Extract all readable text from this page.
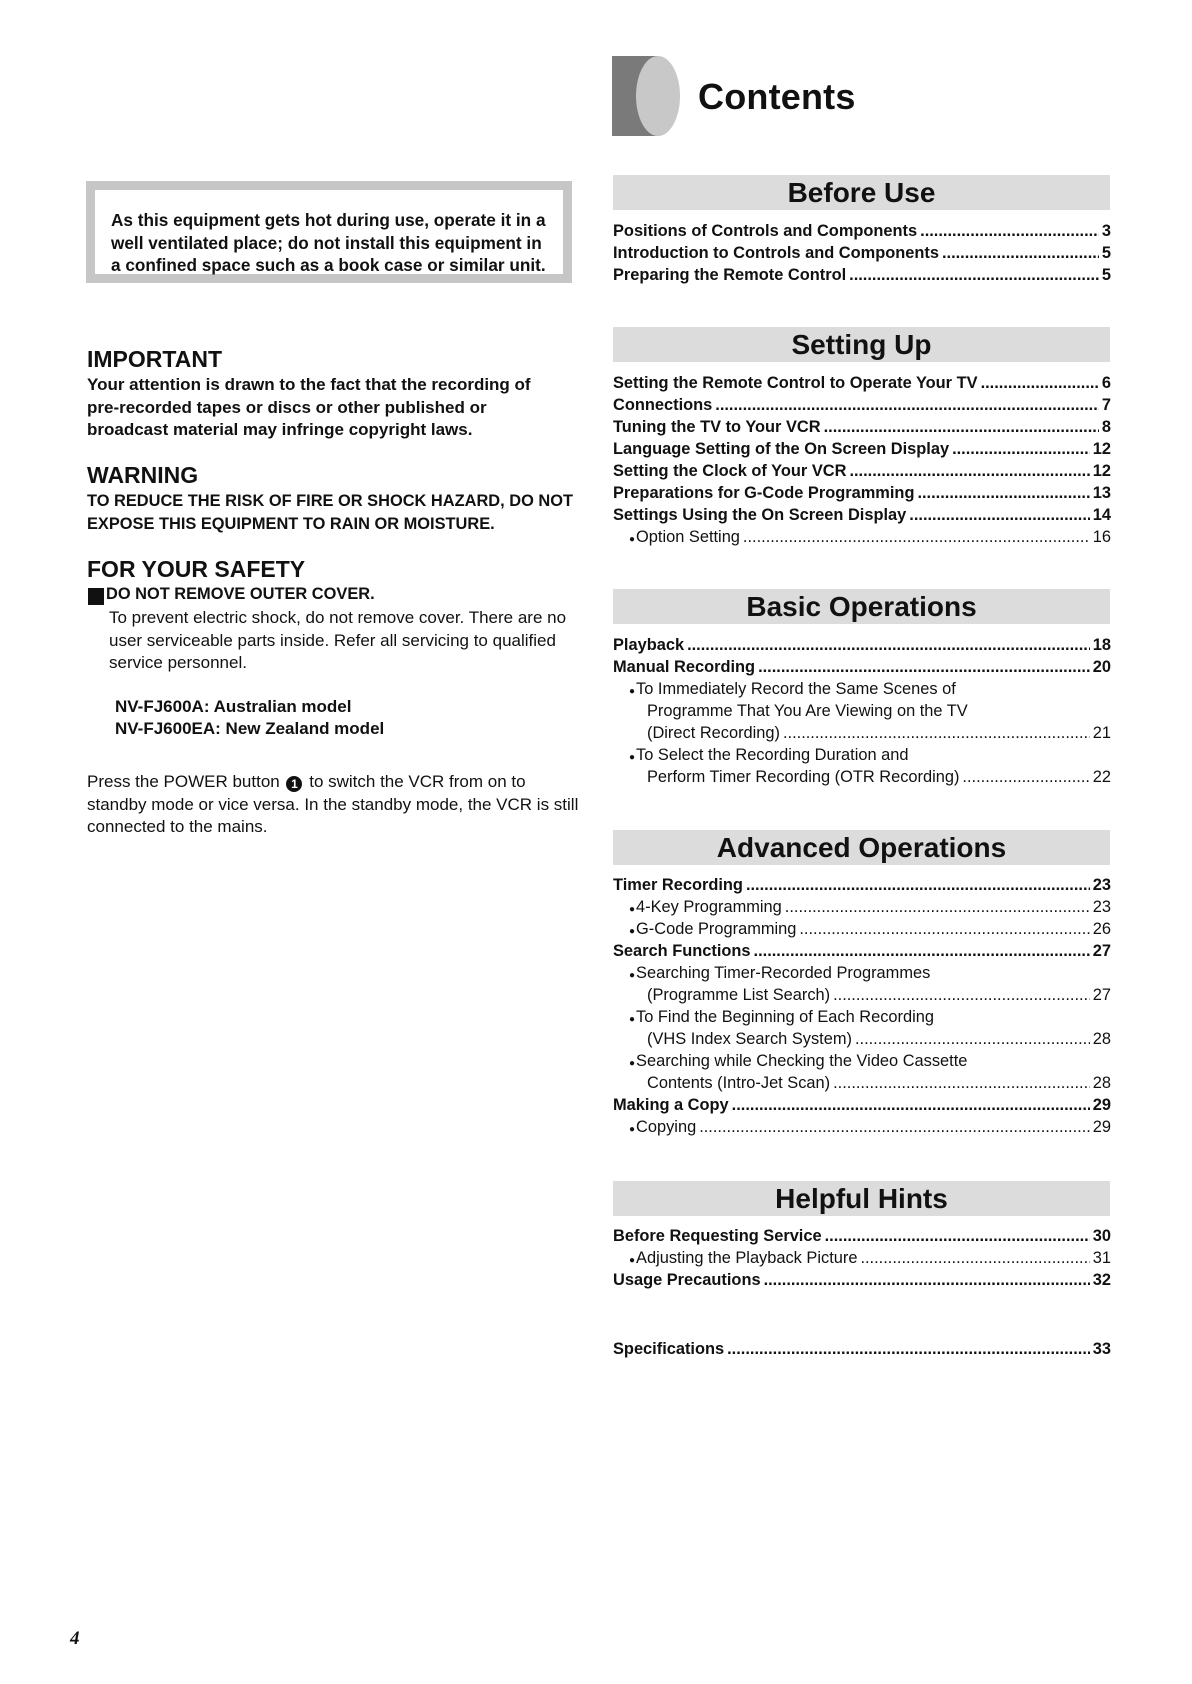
Contents
As this equipment gets hot during use, operate it in a well ventilated place; do not install this equipment in a confined space such as a book case or similar unit.
IMPORTANT
Your attention is drawn to the fact that the recording of pre-recorded tapes or discs or other published or broadcast material may infringe copyright laws.
WARNING
TO REDUCE THE RISK OF FIRE OR SHOCK HAZARD, DO NOT EXPOSE THIS EQUIPMENT TO RAIN OR MOISTURE.
FOR YOUR SAFETY
DO NOT REMOVE OUTER COVER.
To prevent electric shock, do not remove cover. There are no user serviceable parts inside. Refer all servicing to qualified service personnel.
NV-FJ600A: Australian model
NV-FJ600EA: New Zealand model
Press the POWER button 1 to switch the VCR from on to standby mode or vice versa. In the standby mode, the VCR is still connected to the mains.
Before Use
Positions of Controls and Components .....	3
Introduction to Controls and Components .....	5
Preparing the Remote Control .....	5
Setting Up
Setting the Remote Control to Operate Your TV .....	6
Connections .....	7
Tuning the TV to Your VCR .....	8
Language Setting of the On Screen Display .....	12
Setting the Clock of Your VCR .....	12
Preparations for G-Code Programming .....	13
Settings Using the On Screen Display .....	14
● Option Setting .....	16
Basic Operations
Playback .....	18
Manual Recording .....	20
● To Immediately Record the Same Scenes of
Programme That You Are Viewing on the TV
(Direct Recording) .....	21
● To Select the Recording Duration and
Perform Timer Recording (OTR Recording) .....	22
Advanced Operations
Timer Recording .....	23
● 4-Key Programming .....	23
● G-Code Programming .....	26
Search Functions .....	27
● Searching Timer-Recorded Programmes
(Programme List Search) .....	27
● To Find the Beginning of Each Recording
(VHS Index Search System) .....	28
● Searching while Checking the Video Cassette
Contents (Intro-Jet Scan) .....	28
Making a Copy .....	29
● Copying .....	29
Helpful Hints
Before Requesting Service .....	30
● Adjusting the Playback Picture .....	31
Usage Precautions .....	32
Specifications .....	33
4
